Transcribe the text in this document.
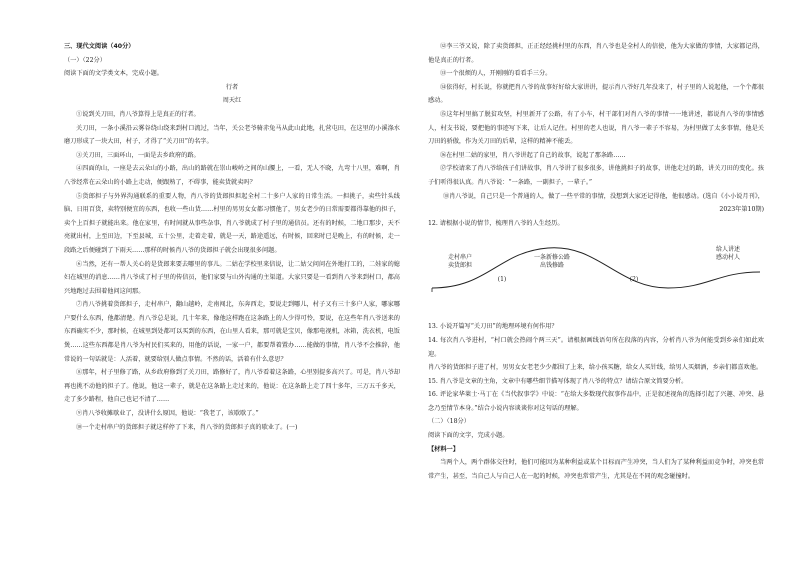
三、现代文阅读（40分）

（一）（22分）

阅读下面的文学类文本，完成小题。

行者

周天红

①说到关刀田，肖八爷算得上是真正的行者。

关刀田，一条小溪沿云雾谷绕山绕来到村口流过，当年，关公老爷骑赤兔马从此山此地，扎营屯田，在这里的小溪涤水磨刀形成了一块大田，村子，才得了“关刀田”的名字。

③关刀田，三面环山，一面是去乡政府的路。

④四面的山，一座是去云朵山的小路，出山的路就在崇山峻岭之间的山腰上，一看，无人不晓，九弯十八里，难啊，肖八爷经常在云朵山的小路上走动，便跟熟了，不碍事，能卖货就卖吗？

⑤货郎担子与外界沟通联系的重要人物，肖八爷的货郎担担起全村二十多户人家的日常生活。一担挑子，卖些针头线脑、日用百货，卖特别便宜的东西，也收一些山货……村里的男男女女都习惯他了，男女老少的日常需要都得靠他的担子，卖个上百担子就能出来。他在家里，有时间就从事些杂事，肖八爷就成了村子里的通信员。还有的时候，二地口那步，天不亮就出村，上至田边，下至县城，五十公里，走着走着，就是一天，路途遥远，有时候，回来时已是晚上，有的时候，走一段路之后便碰到了下雨天……那样的时候肖八爷的货郎担子就会出现很多问题。

⑥当然，还有一帮人关心的是货郎来要去哪里的事儿。二姑在学校里来信说，让二姑父问问在外地打工的，二娃家的媳妇在城里的消息……肖八爷成了村子里的传信员，他们家要与山外沟通的主渠道。大家只要是一看到肖八爷来到村口，都高兴地跑过去围着他问这问那。

⑦肖八爷挑着货郎担子，走村串户，翻山越岭，走南闯北，东奔西走，要说走到哪儿，村子又有三十多户人家，哪家哪户要什么东西，他都清楚。肖八爷总是说，几十年来，像他这样跑在这条路上的人少得可怜，要说，在这些年肖八爷送来的东西确实不少，那时候，在城里到处都可以买到的东西，在山里人看来，那可就是宝贝，像那电视机，冰箱，洗衣机，电饭煲……这些东西都是肖八爷为村民们买来的，用他的话说，一家一户，都要帮着置办……能做的事情，肖八爷不会推辞，他常说的一句话就是：人活着，就要给别人做点事情。不然的话，活着有什么意思？

⑧那年，村子里修了路，从乡政府修到了关刀田，路修好了，肖八爷看着这条路，心里别提多高兴了。可是，肖八爷却再也挑不动他的担子了。他说，他这一辈子，就是在这条路上走过来的，他说：在这条路上走了四十多年，三万五千多天，走了多少路程，他自己也记不清了……

⑨肖八爷收摊歇业了，没讲什么原因，他说：“我老了，该歇歇了。”

⑩一个走村串户的货郎担子就这样停了下来，肖八爷的货郎担子真的歇业了。(一)

⑫李三爷又说，除了卖货郎担，正正经经挑村里的东西，肖八爷也是全村人的信使，他为大家做的事情，大家都记得，他是真正的行者。

⑬一个很烦的人，开刚刚的看看手三分。

⑭依得好，村长说，你就把肖八爷的故事好好给大家讲讲，提示肖八爷好几年没来了，村子里的人说起他，一个个都很感动。

⑮这年村里搞了脱贫攻坚，村里新开了公路，有了小车，村干部们对肖八爷的事情一一地讲述，都说肖八爷的事情感人，村支书说，要把他的事迹写下来，让后人记住。村里的老人也说，肖八爷一辈子不容易，为村里做了太多事情，他是关刀田的骄傲，作为关刀田的后辈，这样的精神不能丢。

⑯在村里二姑的家里，肖八爷讲起了自己的故事，说起了那条路……

⑰学校请来了肖八爷给孩子们讲故事，肖八爷讲了很多很多，讲他挑担子的故事，讲他走过的路，讲关刀田的变化。孩子们听得很认真。肖八爷说：“一条路，一副担子，一辈子。”

⑱肖八爷说，自己只是一个普通的人，做了一些平常的事情，没想到大家还记得他，他很感动。(选自《小小说月刊》，2023年第10期)

12. 请根据小说的情节，梳理肖八爷的人生经历。

走村串户
卖货郎担
一条新修公路
出钱修路
给人讲述
感动村人
(1)	(2)

13. 小说开篇写“关刀田”的地理环境有何作用？

14. 每次肖八爷进村，“村口就会热闹个两三天”。请根据画线语句所在段落的内容，分析肖八爷为何能受到乡亲们如此欢迎。

肖八爷的货郎担子进了村，男男女女老老少少都围了上来，给小孩买糖，给女人买针线，给男人买烟酒，乡亲们都喜欢他。

15. 肖八爷是文章的主角，文章中有哪些细节描写体现了肖八爷的特点？请结合原文简要分析。

16. 评论家华莱士·马丁在《当代叙事学》中说：“在给大多数现代叙事作品中，正是叙述视角的选择引起了兴趣、冲突、悬念乃至情节本身。”结合小说内容谈谈你对这句话的理解。

（二）（18分）

阅读下面的文字，完成小题。

【材料一】

当两个人，两个群体交往时，他们可能因为某种利益或某个目标而产生冲突，当人们为了某种利益而竞争时，冲突也常常产生，甚至，当自己人与自己人在一起的时候，冲突也常常产生，尤其是在不同的观念碰撞时。
